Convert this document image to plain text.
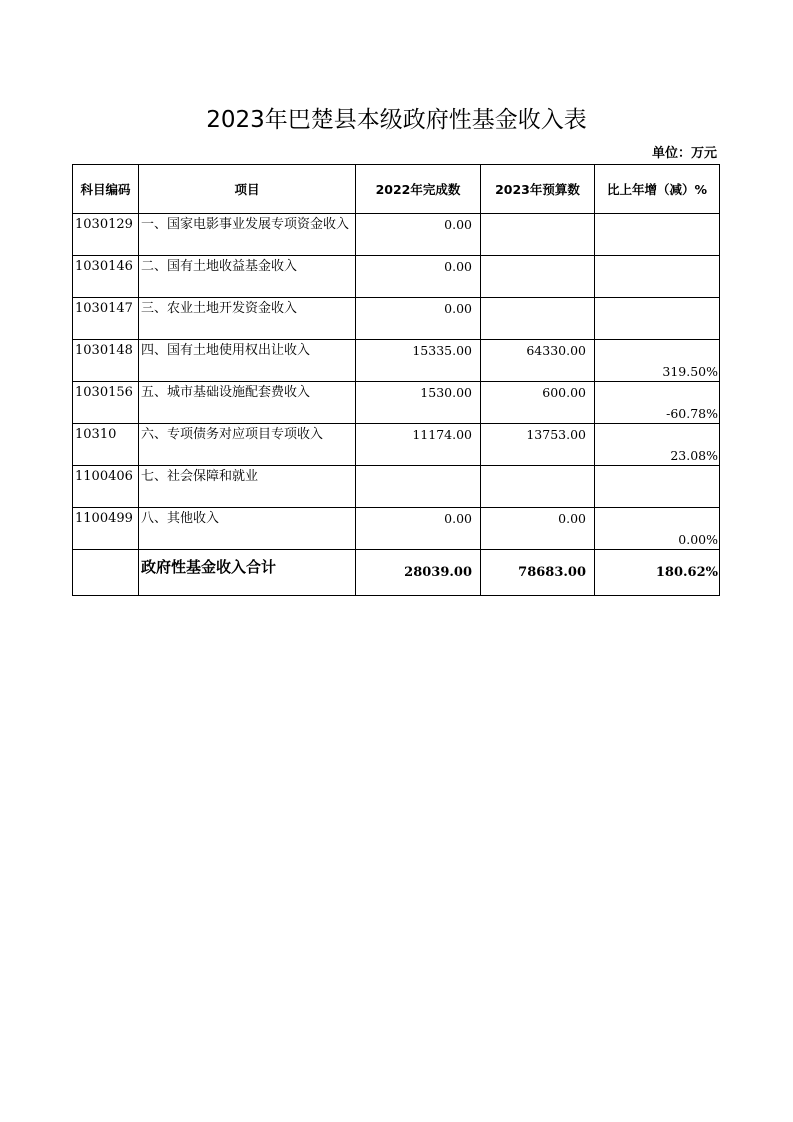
2023年巴楚县本级政府性基金收入表
单位：万元
科目编码	项目	2022年完成数	2023年预算数	比上年增（减）%
1030129	一、国家电影事业发展专项资金收入	0.00		
1030146	二、国有土地收益基金收入	0.00		
1030147	三、农业土地开发资金收入	0.00		
1030148	四、国有土地使用权出让收入	15335.00	64330.00	319.50%
1030156	五、城市基础设施配套费收入	1530.00	600.00	-60.78%
10310	六、专项债务对应项目专项收入	11174.00	13753.00	23.08%
1100406	七、社会保障和就业			
1100499	八、其他收入	0.00	0.00	0.00%
	政府性基金收入合计	28039.00	78683.00	180.62%
